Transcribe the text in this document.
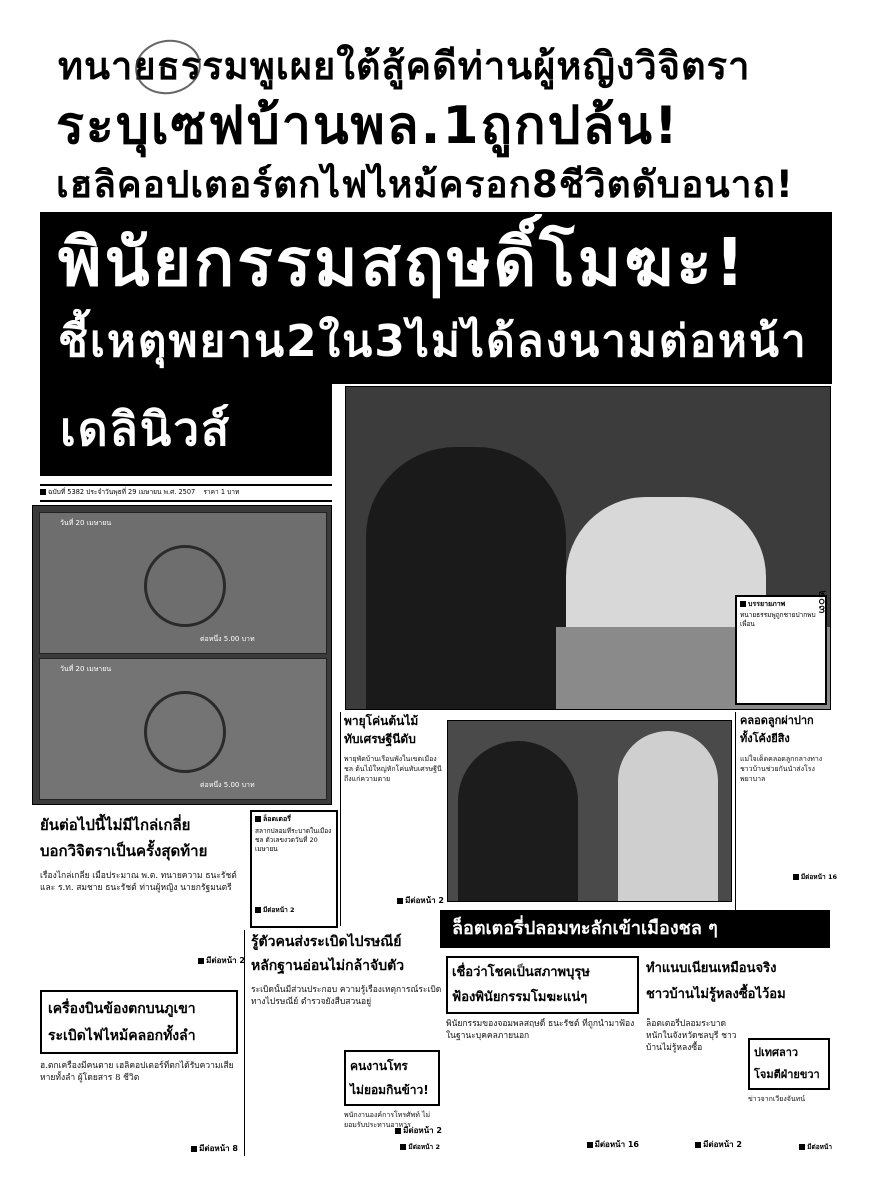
ทนายธรรมพูเผยใต้สู้คดีท่านผู้หญิงวิจิตรา
ระบุเซฟบ้านพล.1ถูกปล้น!
เฮลิคอปเตอร์ตกไฟไหม้ครอก8ชีวิตดับอนาถ!
พินัยกรรมสฤษดิ์โมฆะ!
ชี้เหตุพยาน2ใน3ไม่ได้ลงนามต่อหน้า
เดลินิวส์
ฉบับที่ 5382 ประจำวันพุธที่ 29 เมษายน พ.ศ. 2507 ราคา 1 บาท
วันที่ 20 เมษายน
ต่อหนึ่ง 5.00 บาท
วันที่ 20 เมษายน
ต่อหนึ่ง 5.00 บาท
บรรยายภาพ
ทนายธรรมพูถูกชายปากพบเพื่อน
๒๐๓
ล็อตเตอรี่
สลากปลอมที่ระบาดในเมืองชล ตัวเลขงวดวันที่ 20 เมษายน
มีต่อหน้า 2
พายุโค่นต้นไม้
ทับเศรษฐีนีดับ
พายุพัดบ้านเรือนพังในเขตเมืองชล ต้นไม้ใหญ่หักโค่นทับเศรษฐีนีถึงแก่ความตาย
มีต่อหน้า 2
คลอดลูกผ่าปาก
ทั้งโค้งยีสิง
แม่ใจเด็ดคลอดลูกกลางทาง ชาวบ้านช่วยกันนำส่งโรงพยาบาล
มีต่อหน้า 16
ยันต่อไปนี้ไม่มีไกล่เกลี่ย
บอกวิจิตราเป็นครั้งสุดท้าย
เรื่องไกล่เกลี่ย เมื่อประมาณ พ.ต. ทนายความ ธนะรัชต์ และ ร.ท. สมชาย ธนะรัชต์ ท่านผู้หญิง นายกรัฐมนตรี
มีต่อหน้า 2
รู้ตัวคนส่งระเบิดไปรษณีย์
หลักฐานอ่อนไม่กล้าจับตัว
ระเบิดนั้นมีส่วนประกอบ ความรู้เรื่องเหตุการณ์ระเบิดทางไปรษณีย์ ตำรวจยังสืบสวนอยู่
มีต่อหน้า 2
ล็อตเตอรี่ปลอมทะลักเข้าเมืองชล ๆ
เชื่อว่าโชคเป็นสภาพบุรุษ
ฟ้องพินัยกรรมโมฆะแน่ๆ
ทำแนบเนียนเหมือนจริง
ชาวบ้านไม่รู้หลงซื้อไว้อม
พินัยกรรมของจอมพลสฤษดิ์ ธนะรัชต์ ที่ถูกนำมาฟ้อง ในฐานะบุคคลภายนอก
มีต่อหน้า 16
ล็อตเตอรี่ปลอมระบาดหนักในจังหวัดชลบุรี ชาวบ้านไม่รู้หลงซื้อ
มีต่อหน้า 2
ปเทศลาว
โจมตีฝ่ายขวา
ข่าวจากเวียงจันทน์
มีต่อหน้า
เครื่องบินข้องตกบนภูเขา
ระเบิดไฟไหม้คลอกทั้งลำ
ฮ.ตกเครื่องมีคนตาย เฮลิคอปเตอร์ที่ตกได้รับความเสียหายทั้งลำ ผู้โดยสาร 8 ชีวิต
มีต่อหน้า 8
คนงานโทร
ไม่ยอมกินข้าว!
พนักงานองค์การโทรศัพท์ ไม่ยอมรับประทานอาหาร
มีต่อหน้า 2
